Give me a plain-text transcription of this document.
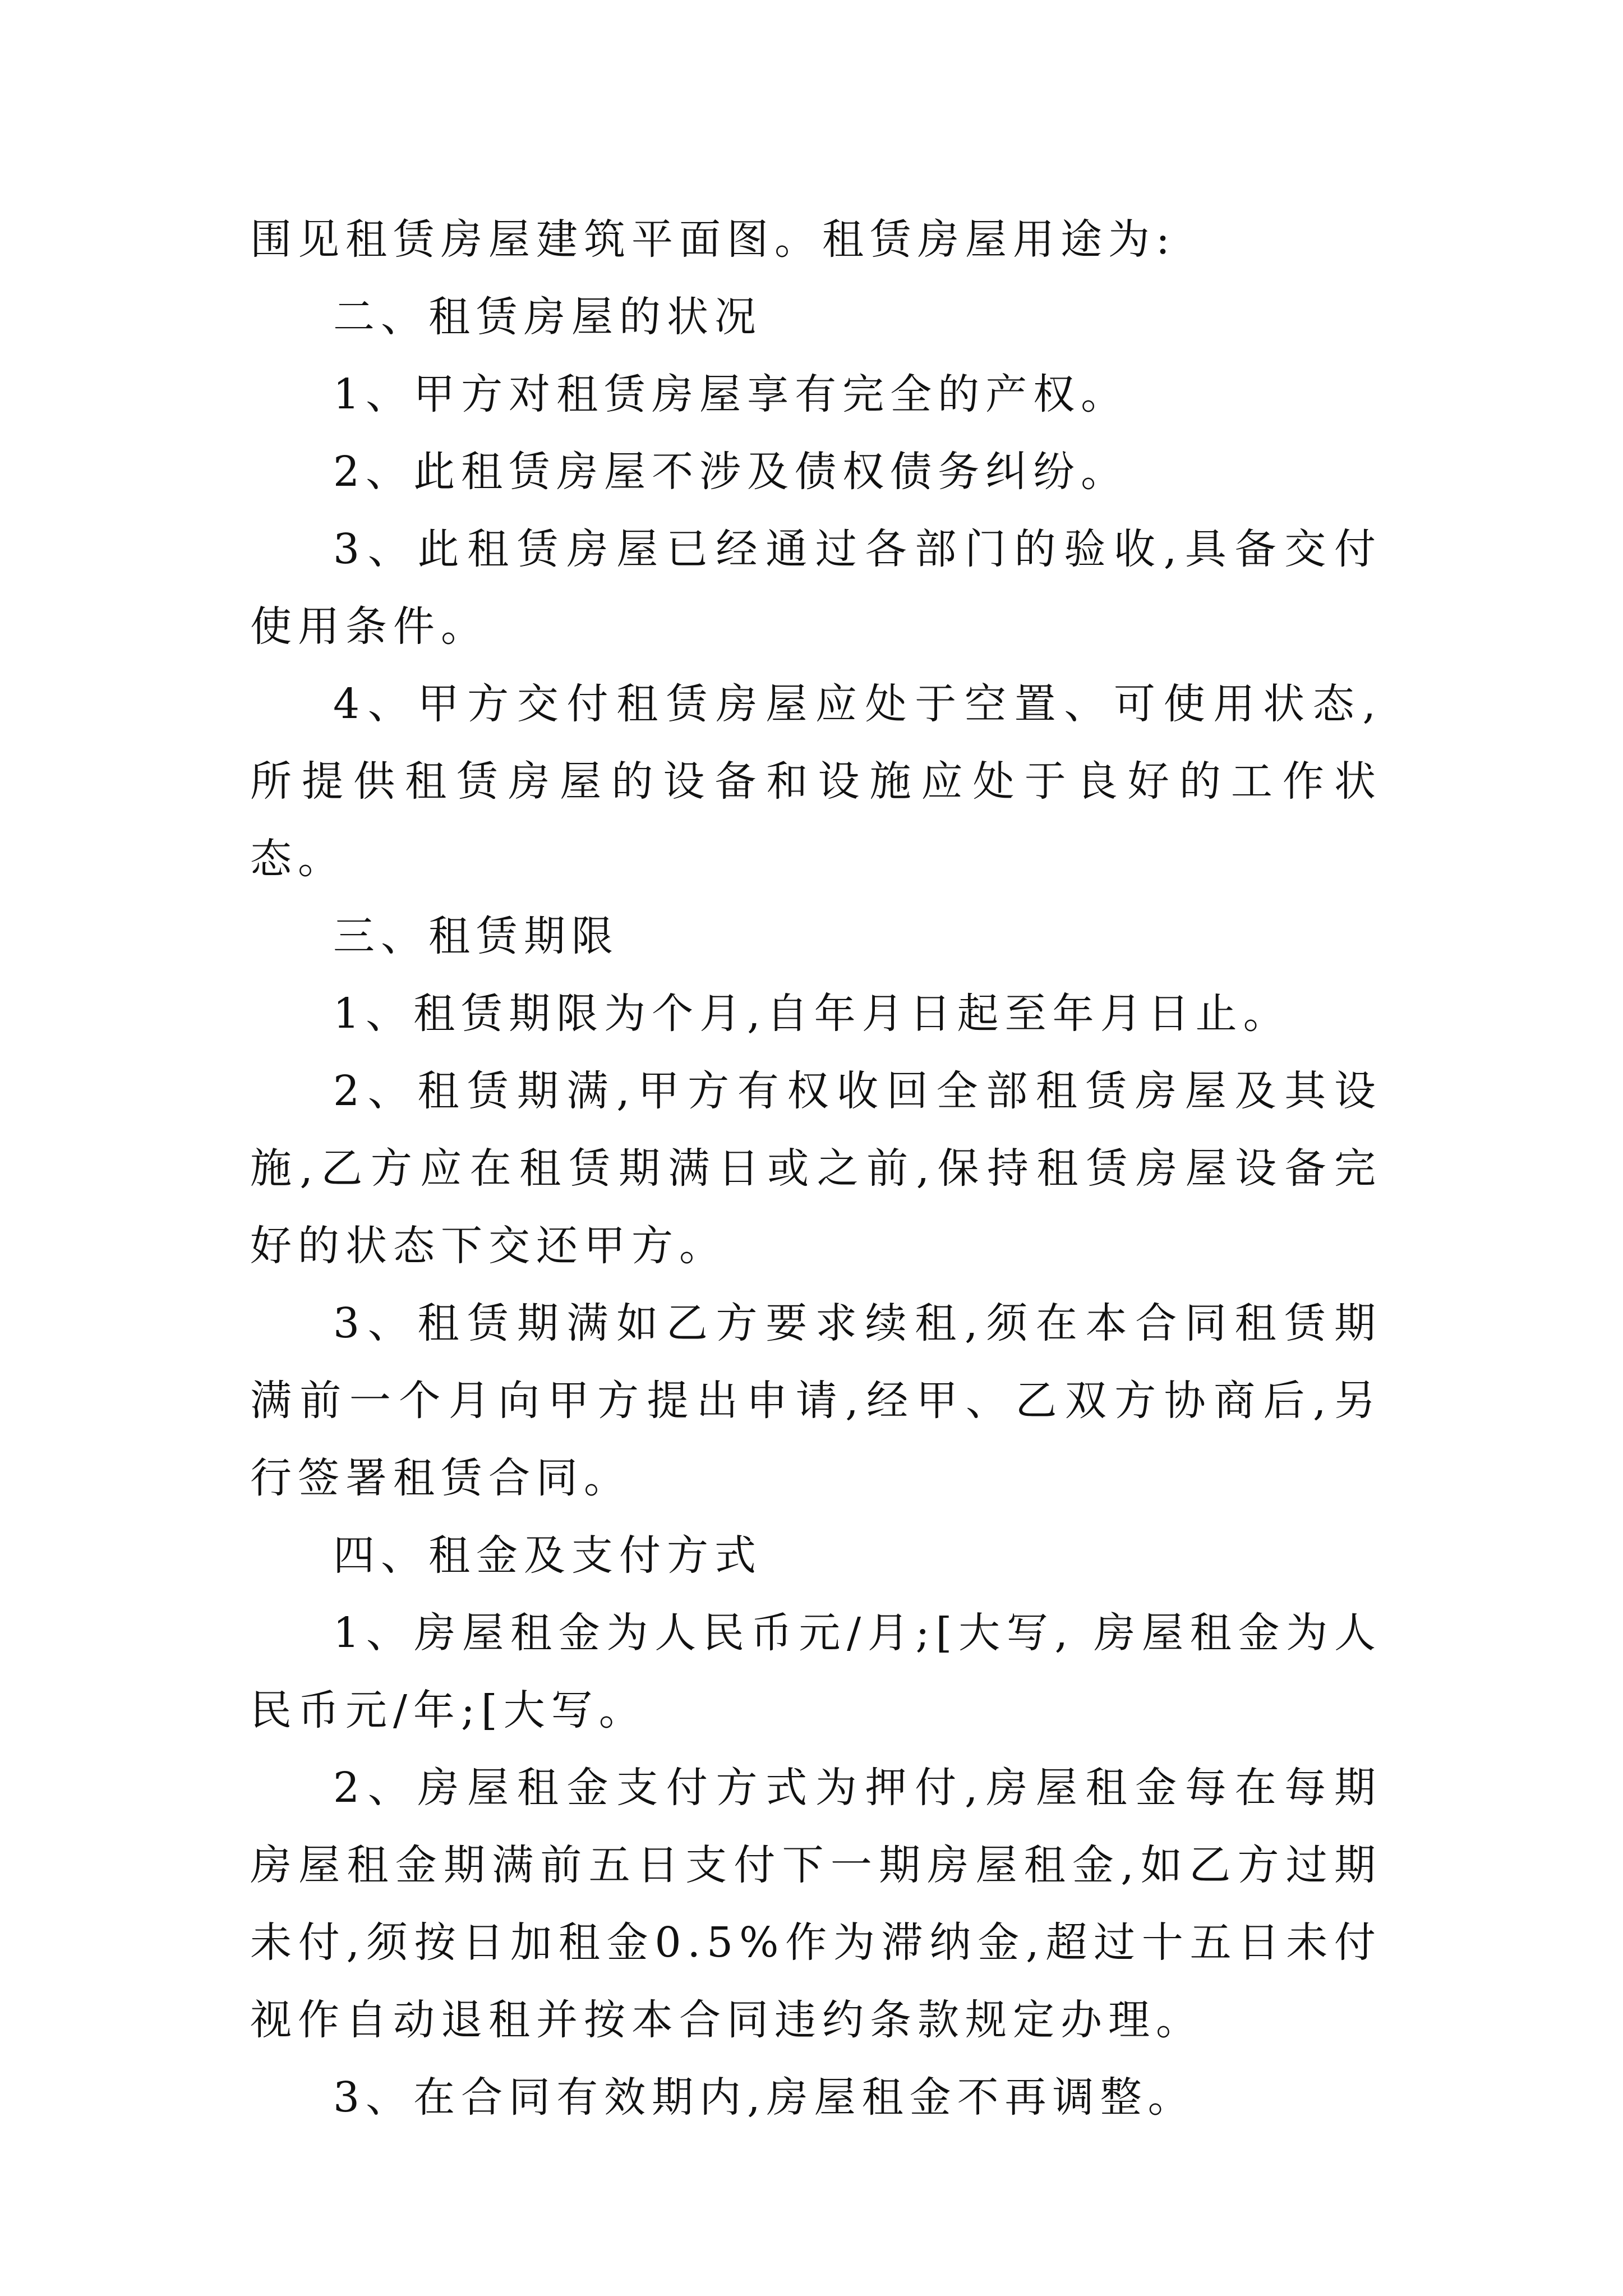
围见租赁房屋建筑平面图。租赁房屋用途为:

二、租赁房屋的状况

1、甲方对租赁房屋享有完全的产权。

2、此租赁房屋不涉及债权债务纠纷。

3、此租赁房屋已经通过各部门的验收,具备交付使用条件。

4、甲方交付租赁房屋应处于空置、可使用状态,所提供租赁房屋的设备和设施应处于良好的工作状态。

三、租赁期限

1、租赁期限为个月,自年月日起至年月日止。

2、租赁期满,甲方有权收回全部租赁房屋及其设施,乙方应在租赁期满日或之前,保持租赁房屋设备完好的状态下交还甲方。

3、租赁期满如乙方要求续租,须在本合同租赁期满前一个月向甲方提出申请,经甲、乙双方协商后,另行签署租赁合同。

四、租金及支付方式

1、房屋租金为人民币元/月;[大写, 房屋租金为人民币元/年;[大写。

2、房屋租金支付方式为押付,房屋租金每在每期房屋租金期满前五日支付下一期房屋租金,如乙方过期未付,须按日加租金0.5%作为滞纳金,超过十五日未付视作自动退租并按本合同违约条款规定办理。

3、在合同有效期内,房屋租金不再调整。
